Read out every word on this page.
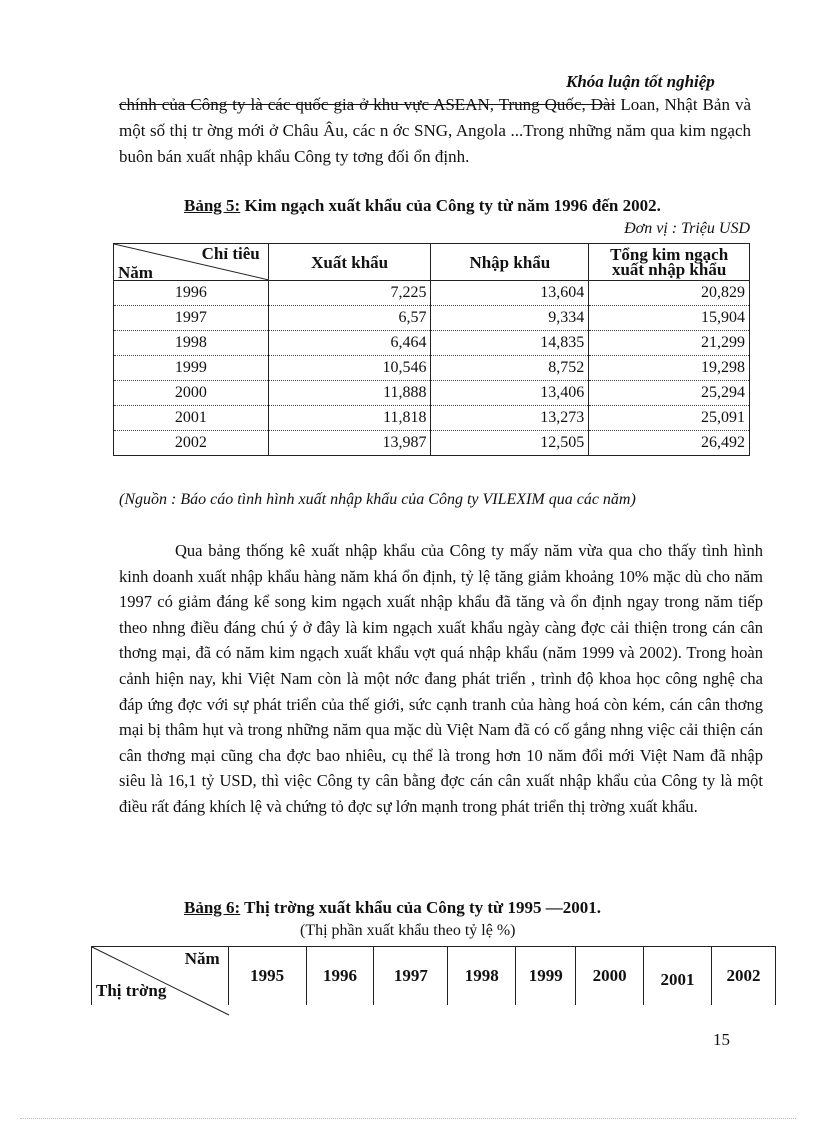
Khóa luận tốt nghiệp
chính của Công ty là các quốc gia ở khu vực ASEAN, Trung Quốc, Đài Loan, Nhật Bản và một số thị tr ờng mới ở Châu Âu, các n ớc SNG, Angola ...Trong những năm qua kim ngạch buôn bán xuất nhập khẩu Công ty tơng đối ổn định.
Bảng 5: Kim ngạch xuất khẩu của Công ty từ năm 1996 đến 2002.
Đơn vị : Triệu USD
Chỉ tiêu
Năm	Xuất khẩu	Nhập khẩu	Tổng kim ngạch xuất nhập khẩu
1996	7,225	13,604	20,829
1997	6,57	9,334	15,904
1998	6,464	14,835	21,299
1999	10,546	8,752	19,298
2000	11,888	13,406	25,294
2001	11,818	13,273	25,091
2002	13,987	12,505	26,492
(Nguồn : Báo cáo tình hình xuất nhập khẩu của Công ty VILEXIM qua các năm)
Qua bảng thống kê xuất nhập khẩu của Công ty mấy năm vừa qua cho thấy tình hình kinh doanh xuất nhập khẩu hàng năm khá ổn định, tỷ lệ tăng giảm khoảng 10% mặc dù cho năm 1997 có giảm đáng kể song kim ngạch xuất nhập khẩu đã tăng và ổn định ngay trong năm tiếp theo nhng điều đáng chú ý ở đây là kim ngạch xuất khẩu ngày càng đợc cải thiện trong cán cân thơng mại, đã có năm kim ngạch xuất khẩu vợt quá nhập khẩu (năm 1999 và 2002). Trong hoàn cảnh hiện nay, khi Việt Nam còn là một nớc đang phát triển , trình độ khoa học công nghệ cha đáp ứng đợc với sự phát triển của thế giới, sức cạnh tranh của hàng hoá còn kém, cán cân thơng mại bị thâm hụt và trong những năm qua mặc dù Việt Nam đã có cố gắng nhng việc cải thiện cán cân thơng mại cũng cha đợc bao nhiêu, cụ thể là trong hơn 10 năm đổi mới Việt Nam đã nhập siêu là 16,1 tỷ USD, thì việc Công ty cân bằng đợc cán cân xuất nhập khẩu của Công ty là một điều rất đáng khích lệ và chứng tỏ đợc sự lớn mạnh trong phát triển thị trờng xuất khẩu.
Bảng 6: Thị trờng xuất khẩu của Công ty từ 1995 —2001.
(Thị phần xuất khẩu theo tỷ lệ %)
Năm
Thị trờng
	1995	1996	1997	1998	1999	2000	2001	2002
15
